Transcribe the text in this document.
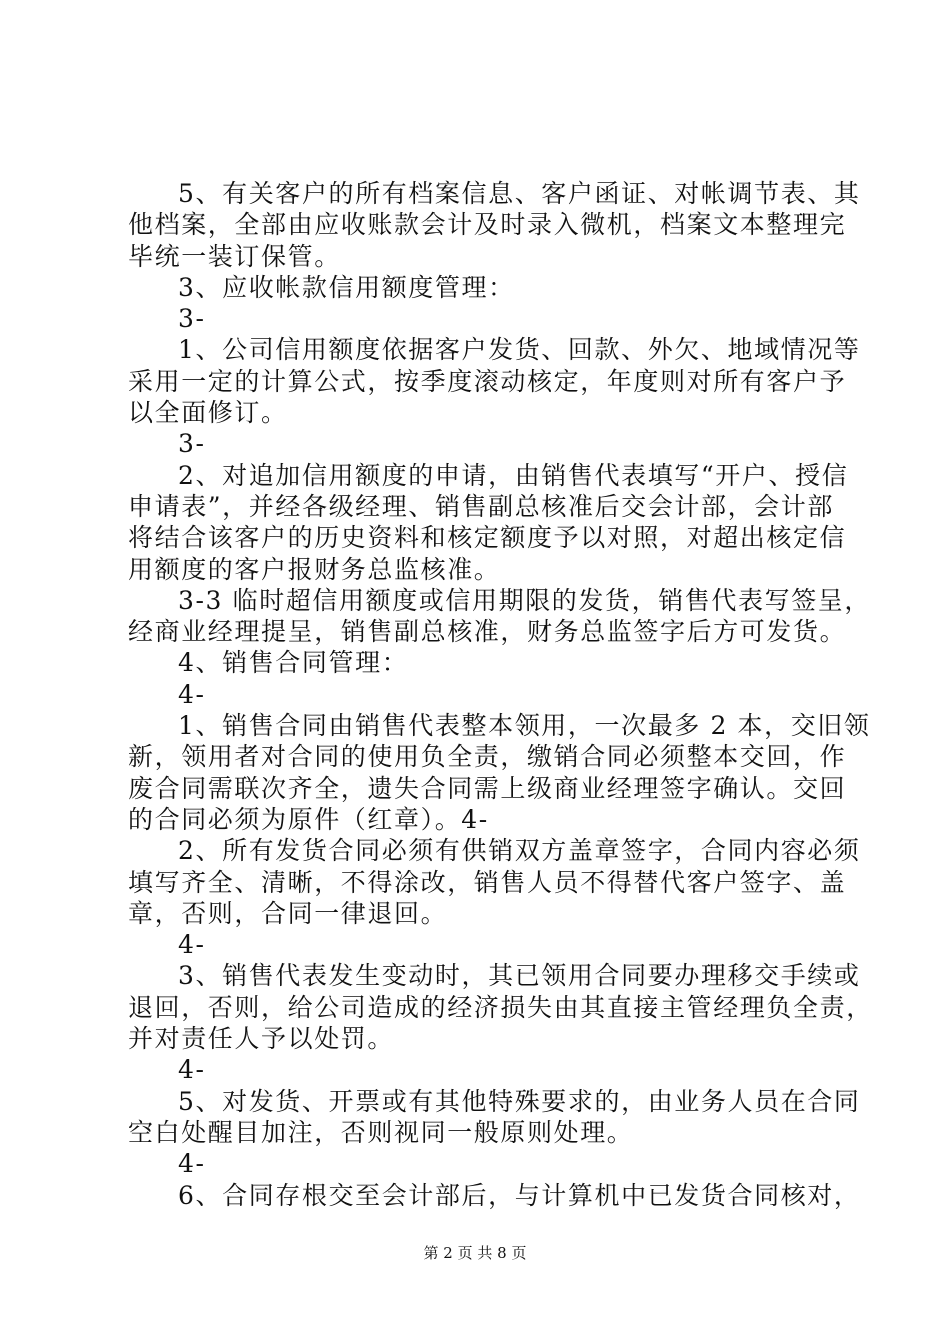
5、有关客户的所有档案信息、客户函证、对帐调节表、其
他档案，全部由应收账款会计及时录入微机，档案文本整理完
毕统一装订保管。
3、应收帐款信用额度管理：
3-
1、公司信用额度依据客户发货、回款、外欠、地域情况等
采用一定的计算公式，按季度滚动核定，年度则对所有客户予
以全面修订。
3-
2、对追加信用额度的申请，由销售代表填写“开户、授信
申请表”，并经各级经理、销售副总核准后交会计部，会计部
将结合该客户的历史资料和核定额度予以对照，对超出核定信
用额度的客户报财务总监核准。
3-3 临时超信用额度或信用期限的发货，销售代表写签呈，
经商业经理提呈，销售副总核准，财务总监签字后方可发货。
4、销售合同管理：
4-
1、销售合同由销售代表整本领用，一次最多 2 本，交旧领
新，领用者对合同的使用负全责，缴销合同必须整本交回，作
废合同需联次齐全，遗失合同需上级商业经理签字确认。交回
的合同必须为原件（红章）。4-
2、所有发货合同必须有供销双方盖章签字，合同内容必须
填写齐全、清晰，不得涂改，销售人员不得替代客户签字、盖
章，否则，合同一律退回。
4-
3、销售代表发生变动时，其已领用合同要办理移交手续或
退回，否则，给公司造成的经济损失由其直接主管经理负全责，
并对责任人予以处罚。
4-
5、对发货、开票或有其他特殊要求的，由业务人员在合同
空白处醒目加注，否则视同一般原则处理。
4-
6、合同存根交至会计部后，与计算机中已发货合同核对，
第 2 页 共 8 页
